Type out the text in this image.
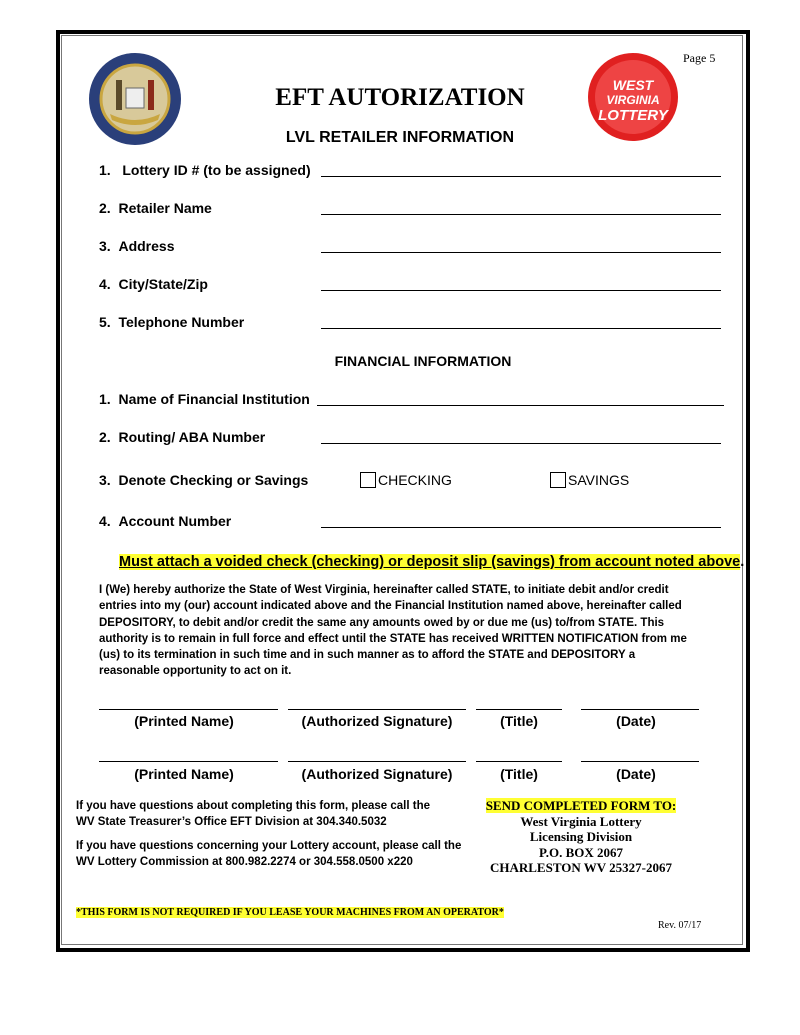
Page 5
WEST
VIRGINIA
LOTTERY
EFT AUTORIZATION
LVL RETAILER INFORMATION
1. Lottery ID # (to be assigned)
2. Retailer Name
3. Address
4. City/State/Zip
5. Telephone Number
FINANCIAL INFORMATION
1. Name of Financial Institution
2. Routing/ ABA Number
3. Denote Checking or Savings	CHECKING	SAVINGS
4. Account Number
Must attach a voided check (checking) or deposit slip (savings) from account noted above.
I (We) hereby authorize the State of West Virginia, hereinafter called STATE, to initiate debit and/or credit entries into my (our) account indicated above and the Financial Institution named above, hereinafter called DEPOSITORY, to debit and/or credit the same any amounts owed by or due me (us) to/from STATE. This authority is to remain in full force and effect until the STATE has received WRITTEN NOTIFICATION from me (us) to its termination in such time and in such manner as to afford the STATE and DEPOSITORY a reasonable opportunity to act on it.
(Printed Name)	(Authorized Signature)	(Title)	(Date)
(Printed Name)	(Authorized Signature)	(Title)	(Date)
If you have questions about completing this form, please call the
WV State Treasurer’s Office EFT Division at 304.340.5032
If you have questions concerning your Lottery account, please call the
WV Lottery Commission at 800.982.2274 or 304.558.0500 x220
SEND COMPLETED FORM TO:
West Virginia Lottery
Licensing Division
P.O. BOX 2067
CHARLESTON WV 25327-2067
*THIS FORM IS NOT REQUIRED IF YOU LEASE YOUR MACHINES FROM AN OPERATOR*
Rev. 07/17
